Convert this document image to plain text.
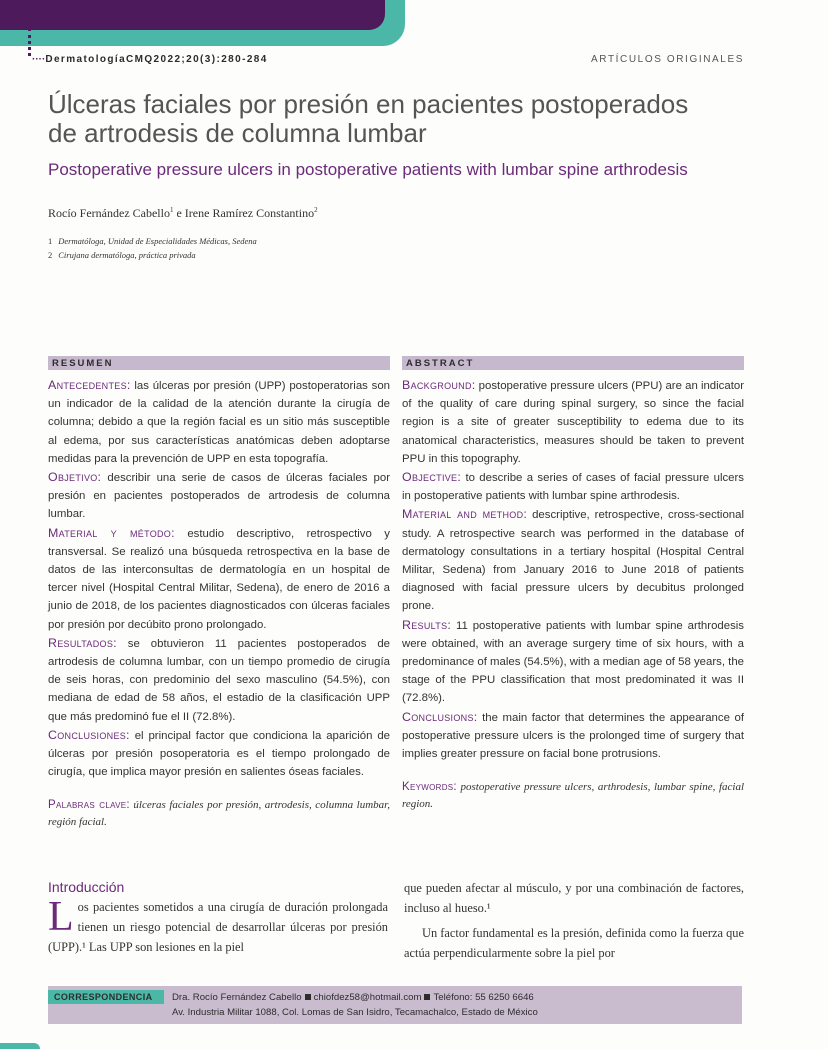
····DermatologíaCMQ2022;20(3):280-284	ARTÍCULOS ORIGINALES
Úlceras faciales por presión en pacientes postoperados
de artrodesis de columna lumbar
Postoperative pressure ulcers in postoperative patients with lumbar spine arthrodesis
Rocío Fernández Cabello$^1$ e Irene Ramírez Constantino$^2$
1 Dermatóloga, Unidad de Especialidades Médicas, Sedena
2 Cirujana dermatóloga, práctica privada
RESUMEN

Antecedentes: las úlceras por presión (UPP) postoperatorias son un indicador de la calidad de la atención durante la cirugía de columna; debido a que la región facial es un sitio más susceptible al edema, por sus características anatómicas deben adoptarse medidas para la prevención de UPP en esta topografía.

Objetivo: describir una serie de casos de úlceras faciales por presión en pacientes postoperados de artrodesis de columna lumbar.

Material y método: estudio descriptivo, retrospectivo y transversal. Se realizó una búsqueda retrospectiva en la base de datos de las interconsultas de dermatología en un hospital de tercer nivel (Hospital Central Militar, Sedena), de enero de 2016 a junio de 2018, de los pacientes diagnosticados con úlceras faciales por presión por decúbito prono prolongado.

Resultados: se obtuvieron 11 pacientes postoperados de artrodesis de columna lumbar, con un tiempo promedio de cirugía de seis horas, con predominio del sexo masculino (54.5%), con mediana de edad de 58 años, el estadio de la clasificación UPP que más predominó fue el II (72.8%).

Conclusiones: el principal factor que condiciona la aparición de úlceras por presión posoperatoria es el tiempo prolongado de cirugía, que implica mayor presión en salientes óseas faciales.

Palabras clave: úlceras faciales por presión, artrodesis, columna lumbar, región facial.

ABSTRACT

Background: postoperative pressure ulcers (PPU) are an indicator of the quality of care during spinal surgery, so since the facial region is a site of greater susceptibility to edema due to its anatomical characteristics, measures should be taken to prevent PPU in this topography.

Objective: to describe a series of cases of facial pressure ulcers in postoperative patients with lumbar spine arthrodesis.

Material and method: descriptive, retrospective, cross-sectional study. A retrospective search was performed in the database of dermatology consultations in a tertiary hospital (Hospital Central Militar, Sedena) from January 2016 to June 2018 of patients diagnosed with facial pressure ulcers by decubitus prolonged prone.

Results: 11 postoperative patients with lumbar spine arthrodesis were obtained, with an average surgery time of six hours, with a predominance of males (54.5%), with a median age of 58 years, the stage of the PPU classification that most predominated it was II (72.8%).

Conclusions: the main factor that determines the appearance of postoperative pressure ulcers is the prolonged time of surgery that implies greater pressure on facial bone protrusions.

Keywords: postoperative pressure ulcers, arthrodesis, lumbar spine, facial region.

Introducción
Los pacientes sometidos a una cirugía de duración prolongada tienen un riesgo potencial de desarrollar úlceras por presión (UPP).¹ Las UPP son lesiones en la piel

que pueden afectar al músculo, y por una combinación de factores, incluso al hueso.¹

Un factor fundamental es la presión, definida como la fuerza que actúa perpendicularmente sobre la piel por

CORRESPONDENCIA	Dra. Rocío Fernández Cabello chiofdez58@hotmail.com Teléfono: 55 6250 6646
Av. Industria Militar 1088, Col. Lomas de San Isidro, Tecamachalco, Estado de México
